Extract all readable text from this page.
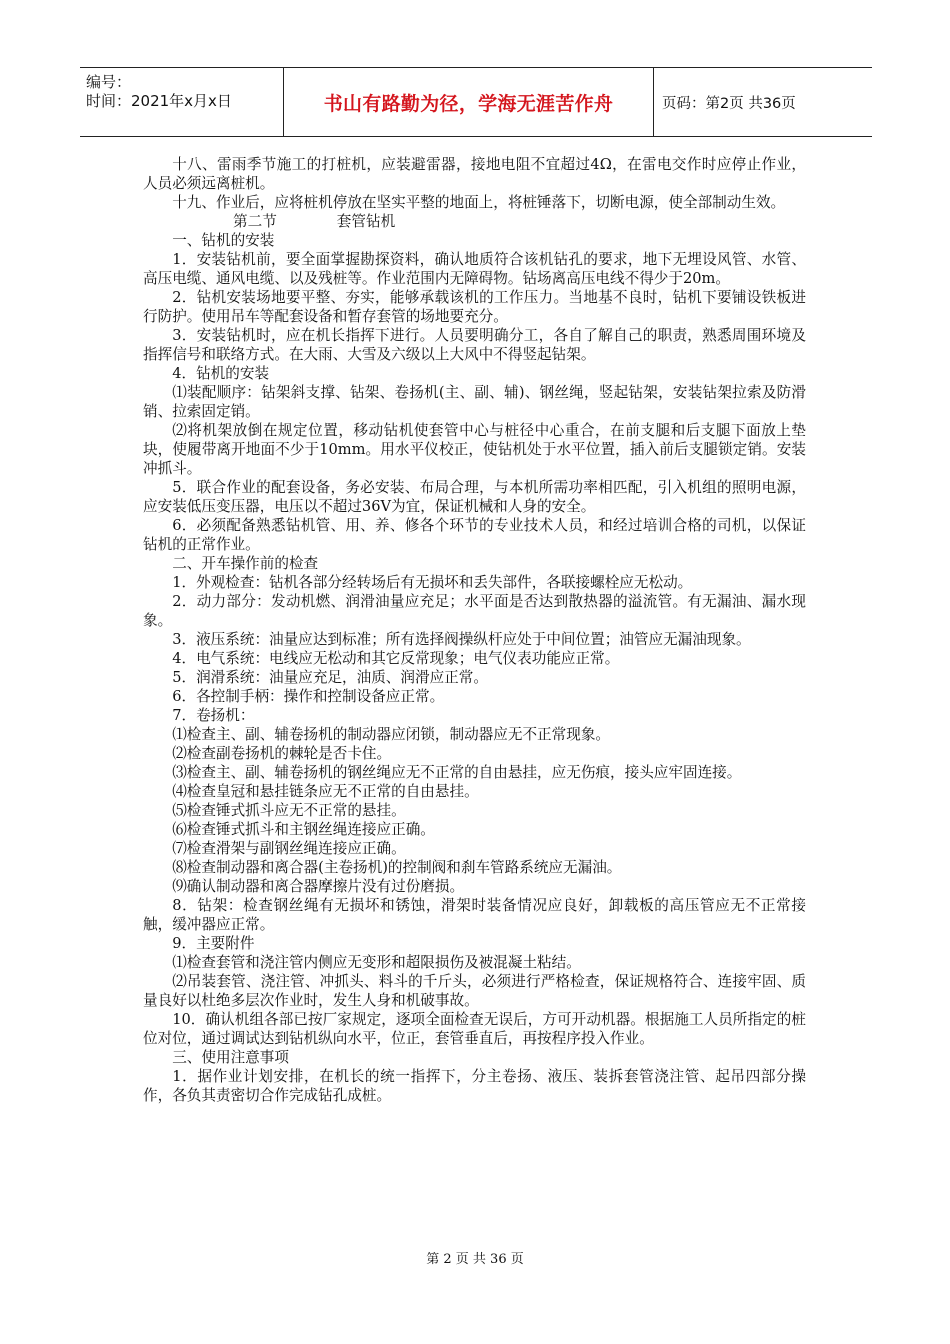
编号：
时间：2021年x月x日	书山有路勤为径，学海无涯苦作舟	页码：第2页 共36页

十八、雷雨季节施工的打桩机，应装避雷器，接地电阻不宜超过4Ω，在雷电交作时应停止作业，人员必须远离桩机。

十九、作业后，应将桩机停放在坚实平整的地面上，将桩锤落下，切断电源，使全部制动生效。

第二节	套管钻机

一、钻机的安装

1．安装钻机前，要全面掌握勘探资料，确认地质符合该机钻孔的要求，地下无埋设风管、水管、高压电缆、通风电缆、以及残桩等。作业范围内无障碍物。钻场离高压电线不得少于20m。

2．钻机安装场地要平整、夯实，能够承载该机的工作压力。当地基不良时，钻机下要铺设铁板进行防护。使用吊车等配套设备和暂存套管的场地要充分。

3．安装钻机时，应在机长指挥下进行。人员要明确分工，各自了解自己的职责，熟悉周围环境及指挥信号和联络方式。在大雨、大雪及六级以上大风中不得竖起钻架。

4．钻机的安装

⑴装配顺序：钻架斜支撑、钻架、卷扬机(主、副、辅)、钢丝绳，竖起钻架，安装钻架拉索及防滑销、拉索固定销。

⑵将机架放倒在规定位置，移动钻机使套管中心与桩径中心重合，在前支腿和后支腿下面放上垫块，使履带离开地面不少于10mm。用水平仪校正，使钻机处于水平位置，插入前后支腿锁定销。安装冲抓斗。

5．联合作业的配套设备，务必安装、布局合理，与本机所需功率相匹配，引入机组的照明电源，应安装低压变压器，电压以不超过36V为宜，保证机械和人身的安全。

6．必须配备熟悉钻机管、用、养、修各个环节的专业技术人员，和经过培训合格的司机，以保证钻机的正常作业。

二、开车操作前的检查

1．外观检查：钻机各部分经转场后有无损坏和丢失部件，各联接螺栓应无松动。

2．动力部分：发动机燃、润滑油量应充足；水平面是否达到散热器的溢流管。有无漏油、漏水现象。

3．液压系统：油量应达到标准；所有选择阀操纵杆应处于中间位置；油管应无漏油现象。

4．电气系统：电线应无松动和其它反常现象；电气仪表功能应正常。

5．润滑系统：油量应充足，油质、润滑应正常。

6．各控制手柄：操作和控制设备应正常。

7．卷扬机：

⑴检查主、副、辅卷扬机的制动器应闭锁，制动器应无不正常现象。

⑵检查副卷扬机的棘轮是否卡住。

⑶检查主、副、辅卷扬机的钢丝绳应无不正常的自由悬挂，应无伤痕，接头应牢固连接。

⑷检查皇冠和悬挂链条应无不正常的自由悬挂。

⑸检查锤式抓斗应无不正常的悬挂。

⑹检查锤式抓斗和主钢丝绳连接应正确。

⑺检查滑架与副钢丝绳连接应正确。

⑻检查制动器和离合器(主卷扬机)的控制阀和刹车管路系统应无漏油。

⑼确认制动器和离合器摩擦片没有过份磨损。

8．钻架：检查钢丝绳有无损坏和锈蚀，滑架时装备情况应良好，卸载板的高压管应无不正常接触，缓冲器应正常。

9．主要附件

⑴检查套管和浇注管内侧应无变形和超限损伤及被混凝土粘结。

⑵吊装套管、浇注管、冲抓头、料斗的千斤头，必须进行严格检查，保证规格符合、连接牢固、质量良好以杜绝多层次作业时，发生人身和机破事故。

10．确认机组各部已按厂家规定，逐项全面检查无误后，方可开动机器。根据施工人员所指定的桩位对位，通过调试达到钻机纵向水平，位正，套管垂直后，再按程序投入作业。

三、使用注意事项

1．据作业计划安排，在机长的统一指挥下，分主卷扬、液压、装拆套管浇注管、起吊四部分操作，各负其责密切合作完成钻孔成桩。

第 2 页 共 36 页
